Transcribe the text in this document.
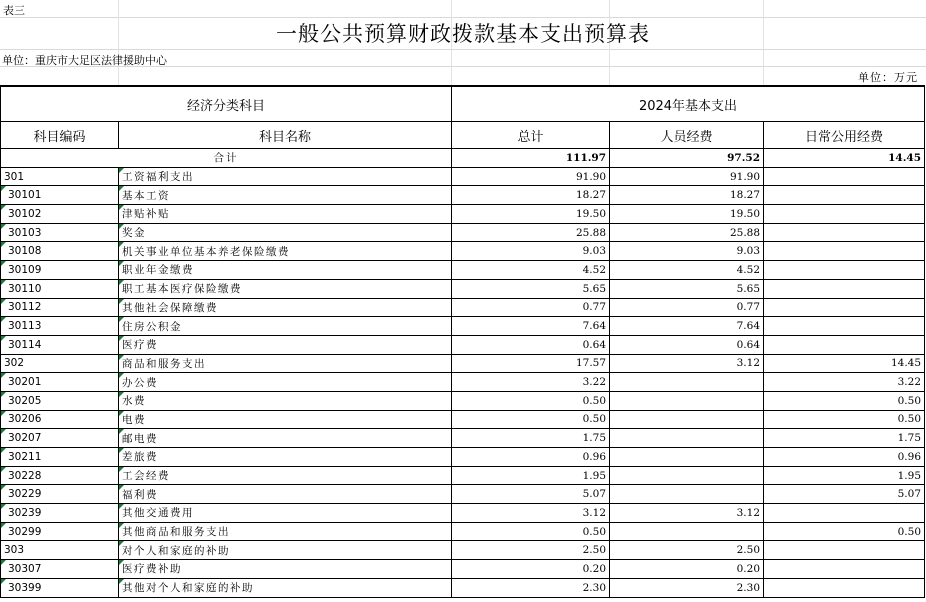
表三
一般公共预算财政拨款基本支出预算表
单位：重庆市大足区法律援助中心
单位：万元
经济分类科目		2024年基本支出		
科目编码	科目名称	总计	人员经费	日常公用经费
合计		111.97	97.52	14.45
301	工资福利支出	91.90	91.90	

30101	基本工资	18.27	18.27	

30102	津贴补贴	19.50	19.50	

30103	奖金	25.88	25.88	

30108	机关事业单位基本养老保险缴费	9.03	9.03	

30109	职业年金缴费	4.52	4.52	

30110	职工基本医疗保险缴费	5.65	5.65	

30112	其他社会保障缴费	0.77	0.77	

30113	住房公积金	7.64	7.64	

30114	医疗费	0.64	0.64	
302	商品和服务支出	17.57	3.12	14.45

30201	办公费	3.22		3.22

30205	水费	0.50		0.50

30206	电费	0.50		0.50

30207	邮电费	1.75		1.75

30211	差旅费	0.96		0.96

30228	工会经费	1.95		1.95

30229	福利费	5.07		5.07

30239	其他交通费用	3.12	3.12	

30299	其他商品和服务支出	0.50		0.50
303	对个人和家庭的补助	2.50	2.50	

30307	医疗费补助	0.20	0.20	

30399	其他对个人和家庭的补助	2.30	2.30	
